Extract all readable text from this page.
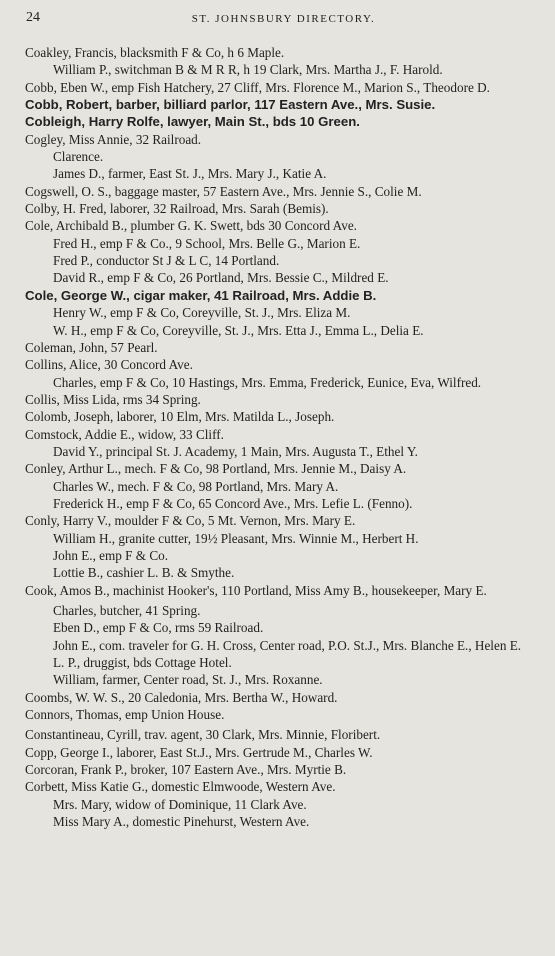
24	ST. JOHNSBURY DIRECTORY.
Coakley, Francis, blacksmith F & Co, h 6 Maple.
William P., switchman B & M R R, h 19 Clark, Mrs. Martha J., F. Harold.
Cobb, Eben W., emp Fish Hatchery, 27 Cliff, Mrs. Florence M., Marion S., Theodore D.
Cobb, Robert, barber, billiard parlor, 117 Eastern Ave., Mrs. Susie.
Cobleigh, Harry Rolfe, lawyer, Main St., bds 10 Green.
Cogley, Miss Annie, 32 Railroad.
Clarence.
James D., farmer, East St. J., Mrs. Mary J., Katie A.
Cogswell, O. S., baggage master, 57 Eastern Ave., Mrs. Jennie S., Colie M.
Colby, H. Fred, laborer, 32 Railroad, Mrs. Sarah (Bemis).
Cole, Archibald B., plumber G. K. Swett, bds 30 Concord Ave.
Fred H., emp F & Co., 9 School, Mrs. Belle G., Marion E.
Fred P., conductor St J & L C, 14 Portland.
David R., emp F & Co, 26 Portland, Mrs. Bessie C., Mildred E.
Cole, George W., cigar maker, 41 Railroad, Mrs. Addie B.
Henry W., emp F & Co, Coreyville, St. J., Mrs. Eliza M.
W. H., emp F & Co, Coreyville, St. J., Mrs. Etta J., Emma L., Delia E.
Coleman, John, 57 Pearl.
Collins, Alice, 30 Concord Ave.
Charles, emp F & Co, 10 Hastings, Mrs. Emma, Frederick, Eunice, Eva, Wilfred.
Collis, Miss Lida, rms 34 Spring.
Colomb, Joseph, laborer, 10 Elm, Mrs. Matilda L., Joseph.
Comstock, Addie E., widow, 33 Cliff.
David Y., principal St. J. Academy, 1 Main, Mrs. Augusta T., Ethel Y.
Conley, Arthur L., mech. F & Co, 98 Portland, Mrs. Jennie M., Daisy A.
Charles W., mech. F & Co, 98 Portland, Mrs. Mary A.
Frederick H., emp F & Co, 65 Concord Ave., Mrs. Lefie L. (Fenno).
Conly, Harry V., moulder F & Co, 5 Mt. Vernon, Mrs. Mary E.
William H., granite cutter, 19½ Pleasant, Mrs. Winnie M., Herbert H.
John E., emp F & Co.
Lottie B., cashier L. B. & Smythe.
Cook, Amos B., machinist Hooker's, 110 Portland, Miss Amy B., housekeeper, Mary E.
Charles, butcher, 41 Spring.
Eben D., emp F & Co, rms 59 Railroad.
John E., com. traveler for G. H. Cross, Center road, P.O. St.J., Mrs. Blanche E., Helen E.
L. P., druggist, bds Cottage Hotel.
William, farmer, Center road, St. J., Mrs. Roxanne.
Coombs, W. W. S., 20 Caledonia, Mrs. Bertha W., Howard.
Connors, Thomas, emp Union House.
Constantineau, Cyrill, trav. agent, 30 Clark, Mrs. Minnie, Floribert.
Copp, George I., laborer, East St.J., Mrs. Gertrude M., Charles W.
Corcoran, Frank P., broker, 107 Eastern Ave., Mrs. Myrtie B.
Corbett, Miss Katie G., domestic Elmwoode, Western Ave.
Mrs. Mary, widow of Dominique, 11 Clark Ave.
Miss Mary A., domestic Pinehurst, Western Ave.
